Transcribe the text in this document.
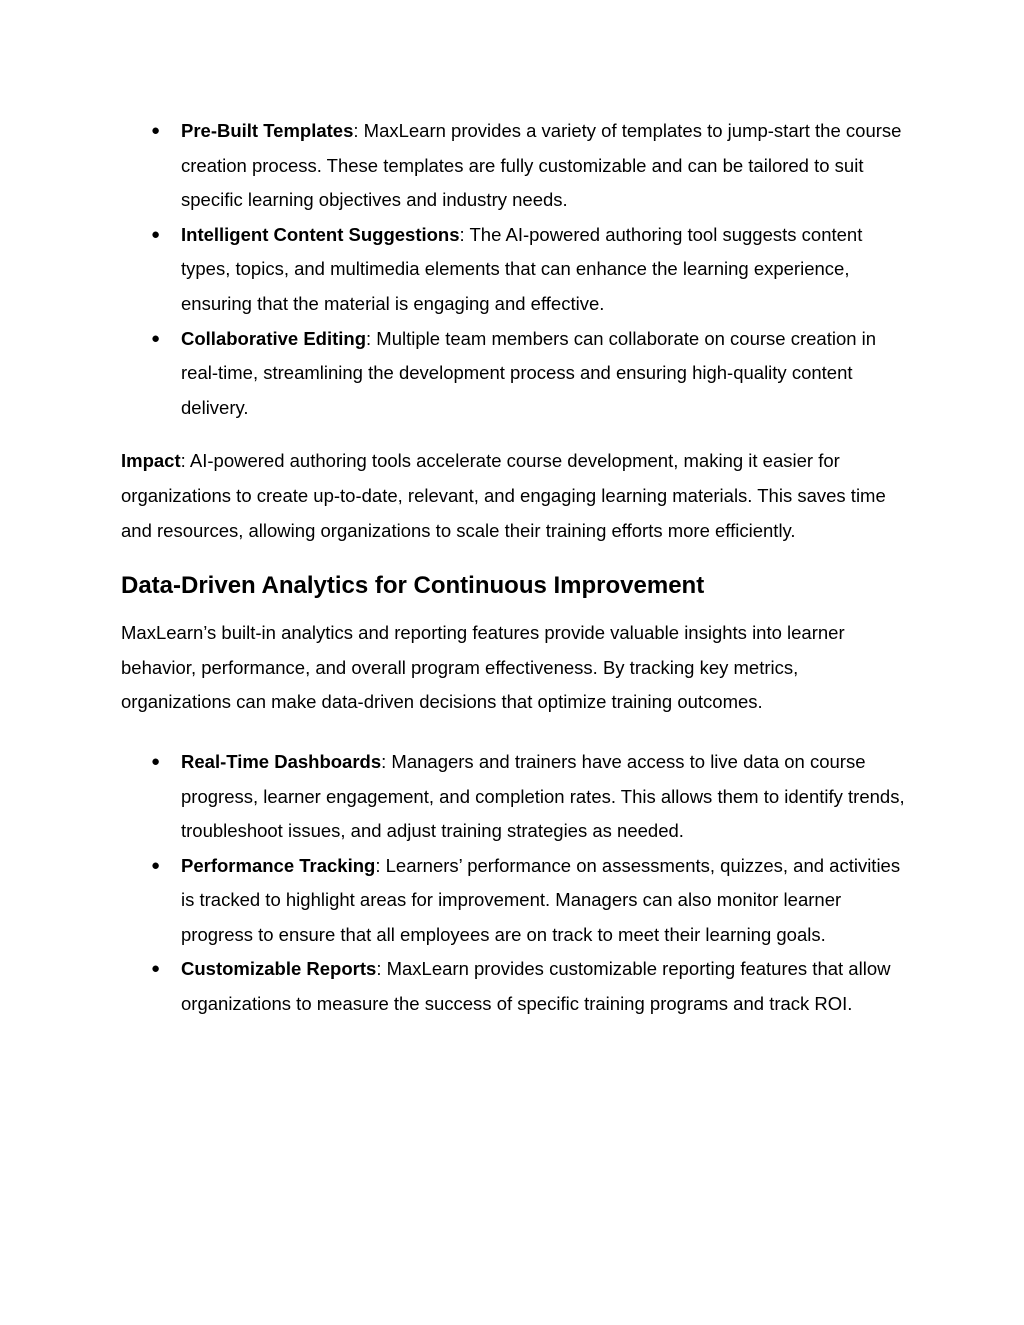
● Pre-Built Templates: MaxLearn provides a variety of templates to jump-start the course creation process. These templates are fully customizable and can be tailored to suit specific learning objectives and industry needs.
● Intelligent Content Suggestions: The AI-powered authoring tool suggests content types, topics, and multimedia elements that can enhance the learning experience, ensuring that the material is engaging and effective.
● Collaborative Editing: Multiple team members can collaborate on course creation in real-time, streamlining the development process and ensuring high-quality content delivery.

Impact: AI-powered authoring tools accelerate course development, making it easier for organizations to create up-to-date, relevant, and engaging learning materials. This saves time and resources, allowing organizations to scale their training efforts more efficiently.

Data-Driven Analytics for Continuous Improvement

MaxLearn’s built-in analytics and reporting features provide valuable insights into learner behavior, performance, and overall program effectiveness. By tracking key metrics, organizations can make data-driven decisions that optimize training outcomes.

● Real-Time Dashboards: Managers and trainers have access to live data on course progress, learner engagement, and completion rates. This allows them to identify trends, troubleshoot issues, and adjust training strategies as needed.
● Performance Tracking: Learners’ performance on assessments, quizzes, and activities is tracked to highlight areas for improvement. Managers can also monitor learner progress to ensure that all employees are on track to meet their learning goals.
● Customizable Reports: MaxLearn provides customizable reporting features that allow organizations to measure the success of specific training programs and track ROI.
